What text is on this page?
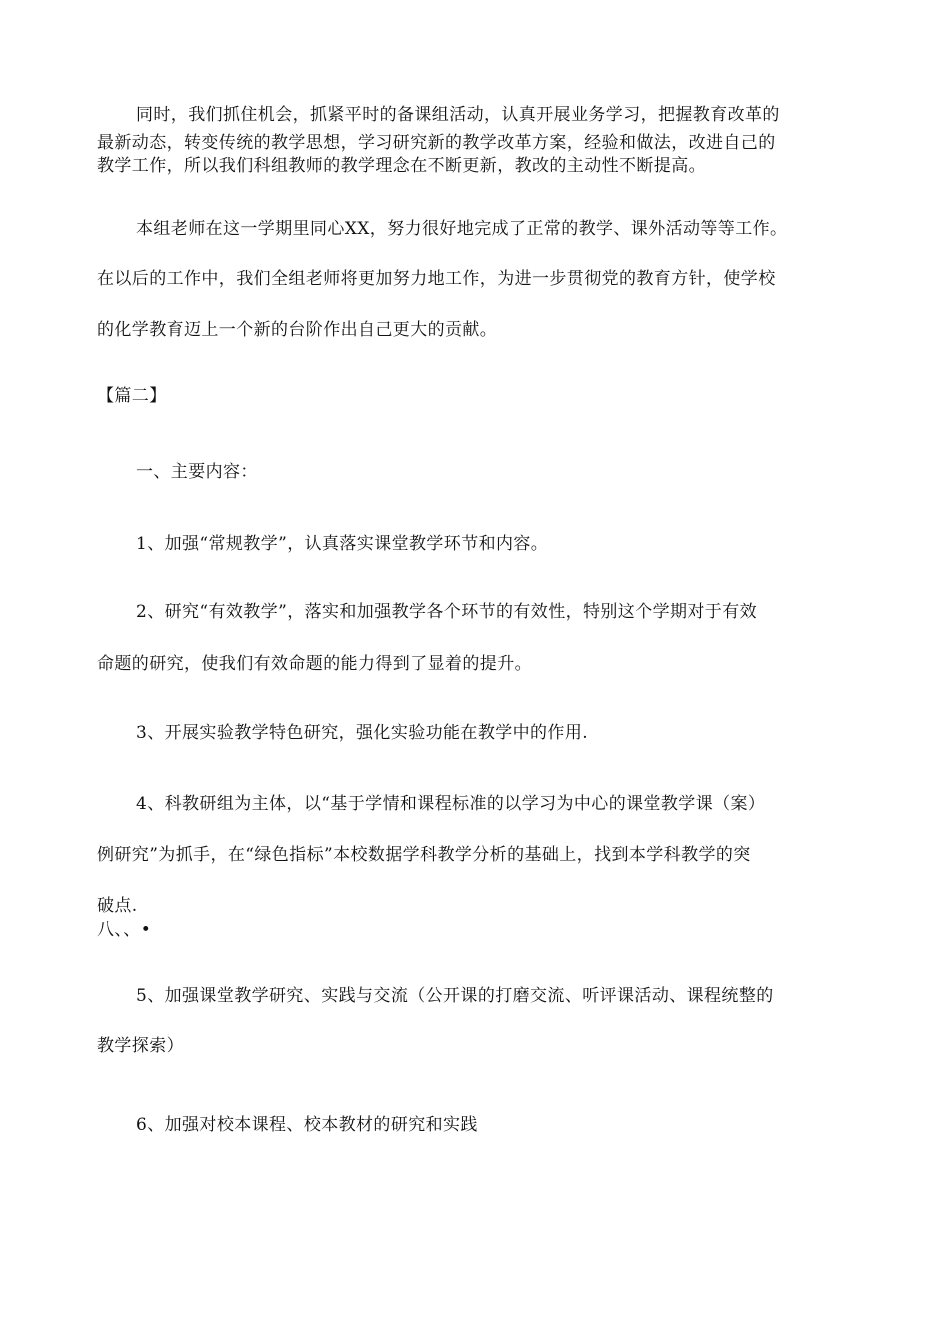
同时，我们抓住机会，抓紧平时的备课组活动，认真开展业务学习，把握教育改革的
最新动态，转变传统的教学思想，学习研究新的教学改革方案，经验和做法，改进自己的
教学工作，所以我们科组教师的教学理念在不断更新，教改的主动性不断提高。
本组老师在这一学期里同心XX，努力很好地完成了正常的教学、课外活动等等工作。
在以后的工作中，我们全组老师将更加努力地工作，为进一步贯彻党的教育方针，使学校
的化学教育迈上一个新的台阶作出自己更大的贡献。
【篇二】
一、主要内容：
1、加强“常规教学”，认真落实课堂教学环节和内容。
2、研究“有效教学”，落实和加强教学各个环节的有效性，特别这个学期对于有效
命题的研究，使我们有效命题的能力得到了显着的提升。
3、开展实验教学特色研究，强化实验功能在教学中的作用.
4、科教研组为主体，以“基于学情和课程标准的以学习为中心的课堂教学课（案）
例研究”为抓手，在“绿色指标”本校数据学科教学分析的基础上，找到本学科教学的突
破点.
八、、•
5、加强课堂教学研究、实践与交流（公开课的打磨交流、听评课活动、课程统整的
教学探索）
6、加强对校本课程、校本教材的研究和实践
